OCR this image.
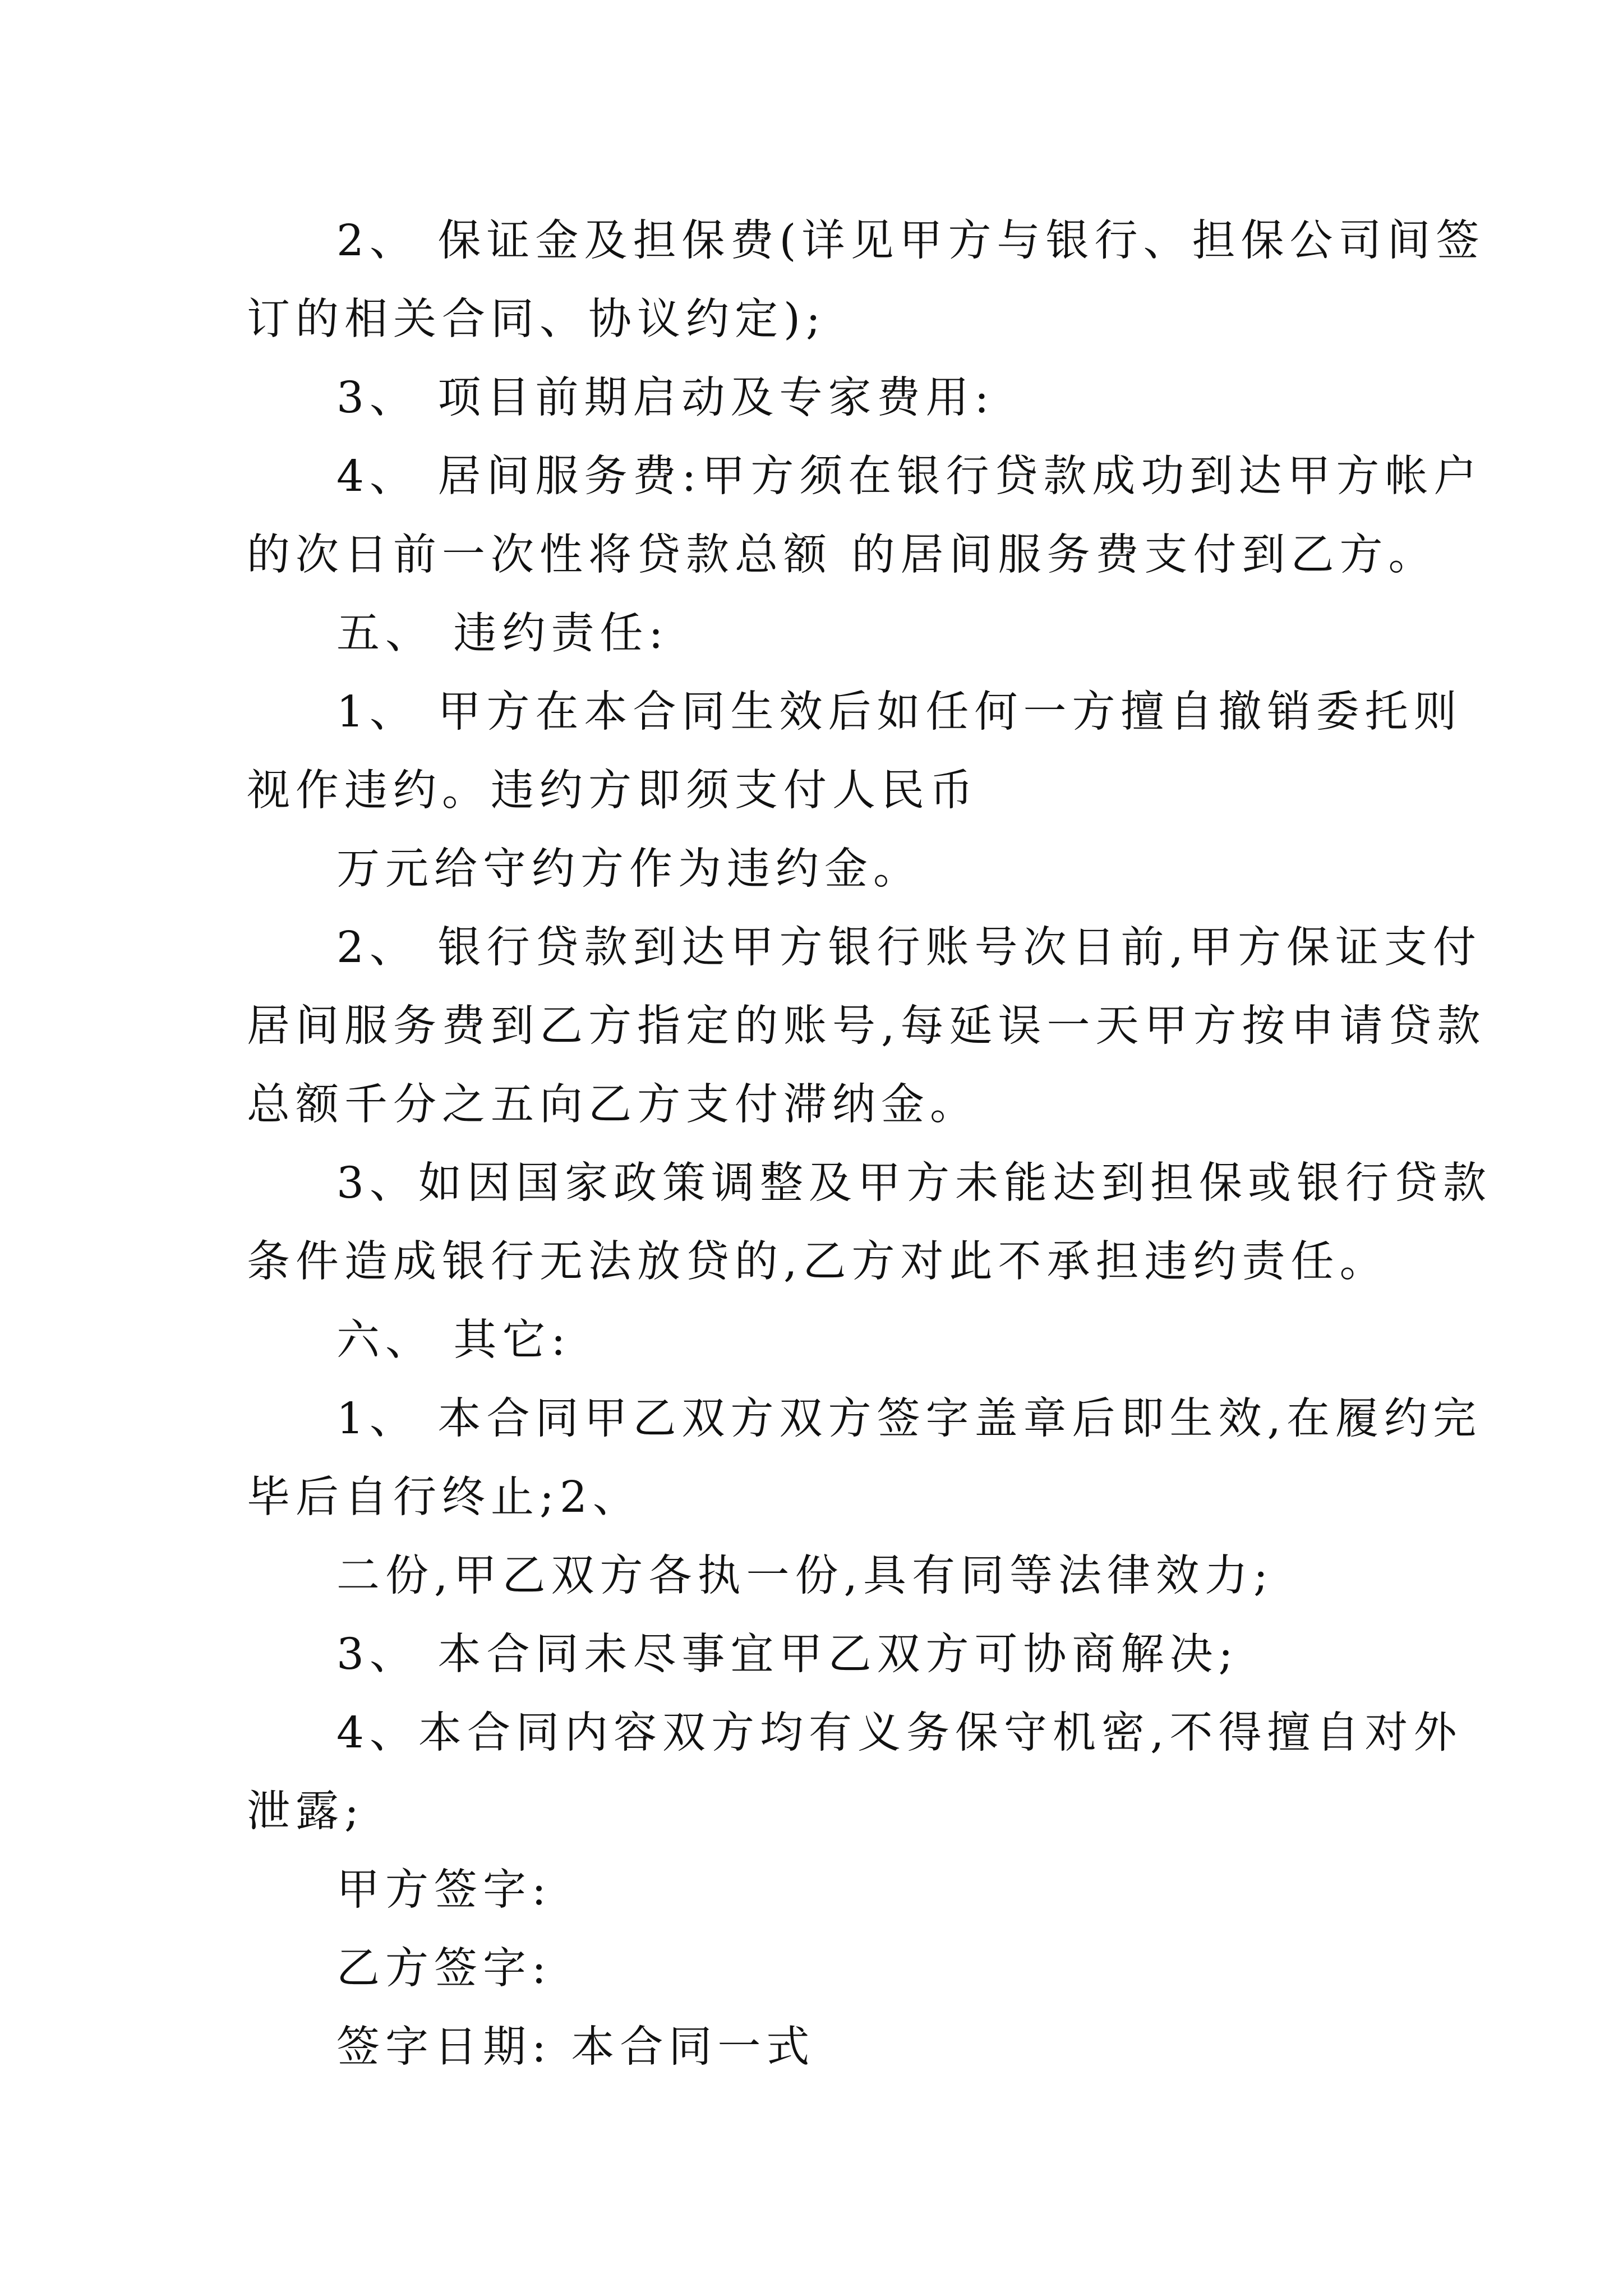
2、 保证金及担保费(详见甲方与银行、担保公司间签
订的相关合同、协议约定);
3、 项目前期启动及专家费用:
4、 居间服务费:甲方须在银行贷款成功到达甲方帐户
的次日前一次性将贷款总额 的居间服务费支付到乙方。
五、 违约责任:
1、 甲方在本合同生效后如任何一方擅自撤销委托则
视作违约。违约方即须支付人民币
万元给守约方作为违约金。
2、 银行贷款到达甲方银行账号次日前,甲方保证支付
居间服务费到乙方指定的账号,每延误一天甲方按申请贷款
总额千分之五向乙方支付滞纳金。
3、如因国家政策调整及甲方未能达到担保或银行贷款
条件造成银行无法放贷的,乙方对此不承担违约责任。
六、 其它:
1、 本合同甲乙双方双方签字盖章后即生效,在履约完
毕后自行终止;2、
二份,甲乙双方各执一份,具有同等法律效力;
3、 本合同未尽事宜甲乙双方可协商解决;
4、本合同内容双方均有义务保守机密,不得擅自对外
泄露;
甲方签字:
乙方签字:
签字日期: 本合同一式
